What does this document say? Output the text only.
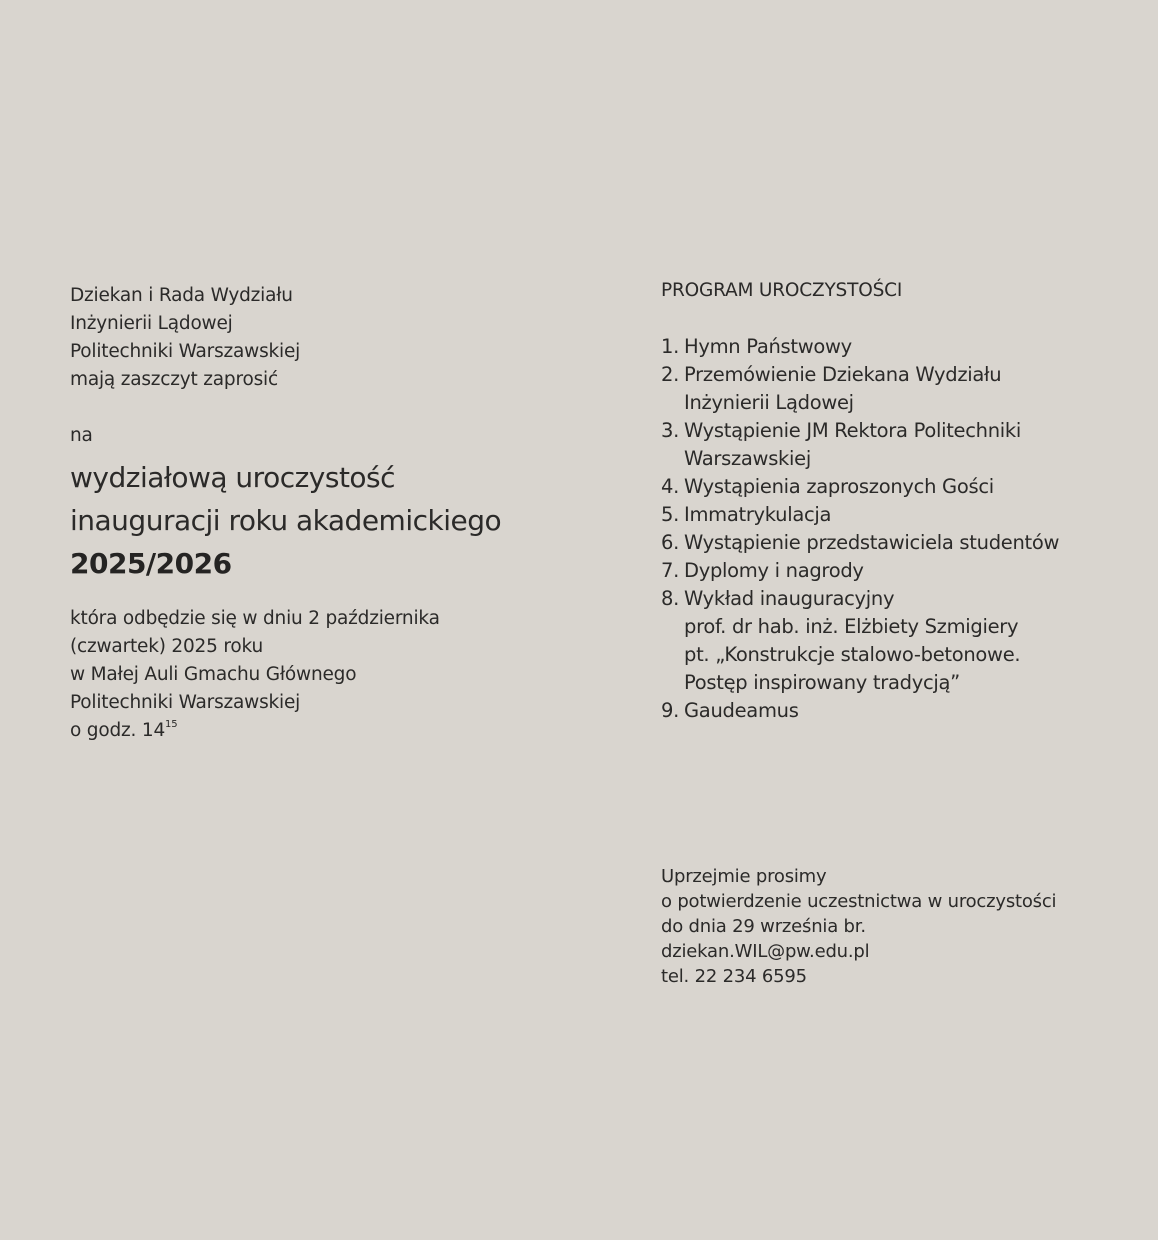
Dziekan i Rada Wydziału
Inżynierii Lądowej
Politechniki Warszawskiej
mają zaszczyt zaprosić
na
wydziałową uroczystość
inauguracji roku akademickiego
2025/2026
która odbędzie się w dniu 2 października
(czwartek) 2025 roku
w Małej Auli Gmachu Głównego
Politechniki Warszawskiej
o godz. $14^{15}$
PROGRAM UROCZYSTOŚCI
1. Hymn Państwowy
2. Przemówienie Dziekana Wydziału
Inżynierii Lądowej
3. Wystąpienie JM Rektora Politechniki
Warszawskiej
4. Wystąpienia zaproszonych Gości
5. Immatrykulacja
6. Wystąpienie przedstawiciela studentów
7. Dyplomy i nagrody
8. Wykład inauguracyjny
prof. dr hab. inż. Elżbiety Szmigiery
pt. „Konstrukcje stalowo-betonowe.
Postęp inspirowany tradycją”
9. Gaudeamus
Uprzejmie prosimy
o potwierdzenie uczestnictwa w uroczystości
do dnia 29 września br.
dziekan.WIL@pw.edu.pl
tel. 22 234 6595
